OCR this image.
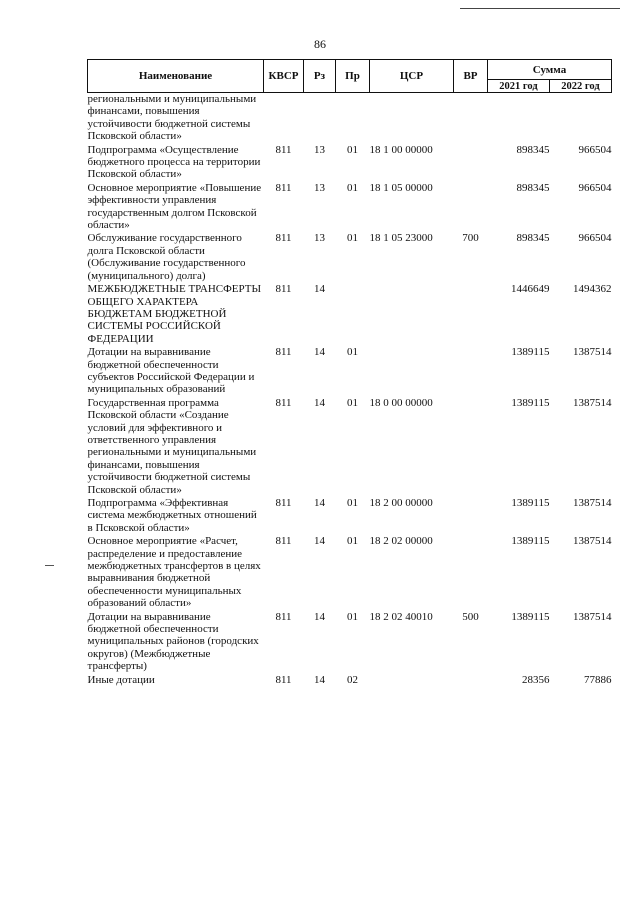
86
Наименование	КВСР	Рз	Пр	ЦСР	ВР	Сумма	
						2021 год	2022 год
региональными и муниципальными финансами, повышения устойчивости бюджетной системы Псковской области»							
Подпрограмма «Осуществление бюджетного процесса на территории Псковской области»	811	13	01	18 1 00 00000		898345	966504
Основное мероприятие «Повышение эффективности управления государственным долгом Псковской области»	811	13	01	18 1 05 00000		898345	966504
Обслуживание государственного долга Псковской области (Обслуживание государственного (муниципального) долга)	811	13	01	18 1 05 23000	700	898345	966504
МЕЖБЮДЖЕТНЫЕ ТРАНСФЕРТЫ ОБЩЕГО ХАРАКТЕРА БЮДЖЕТАМ БЮДЖЕТНОЙ СИСТЕМЫ РОССИЙСКОЙ ФЕДЕРАЦИИ	811	14				1446649	1494362
Дотации на выравнивание бюджетной обеспеченности субъектов Российской Федерации и муниципальных образований	811	14	01			1389115	1387514
Государственная программа Псковской области «Создание условий для эффективного и ответственного управления региональными и муниципальными финансами, повышения устойчивости бюджетной системы Псковской области»	811	14	01	18 0 00 00000		1389115	1387514
Подпрограмма «Эффективная система межбюджетных отношений в Псковской области»	811	14	01	18 2 00 00000		1389115	1387514
Основное мероприятие «Расчет, распределение и предоставление межбюджетных трансфертов в целях выравнивания бюджетной обеспеченности муниципальных образований области»	811	14	01	18 2 02 00000		1389115	1387514
Дотации на выравнивание бюджетной обеспеченности муниципальных районов (городских округов) (Межбюджетные трансферты)	811	14	01	18 2 02 40010	500	1389115	1387514
Иные дотации	811	14	02			28356	77886
